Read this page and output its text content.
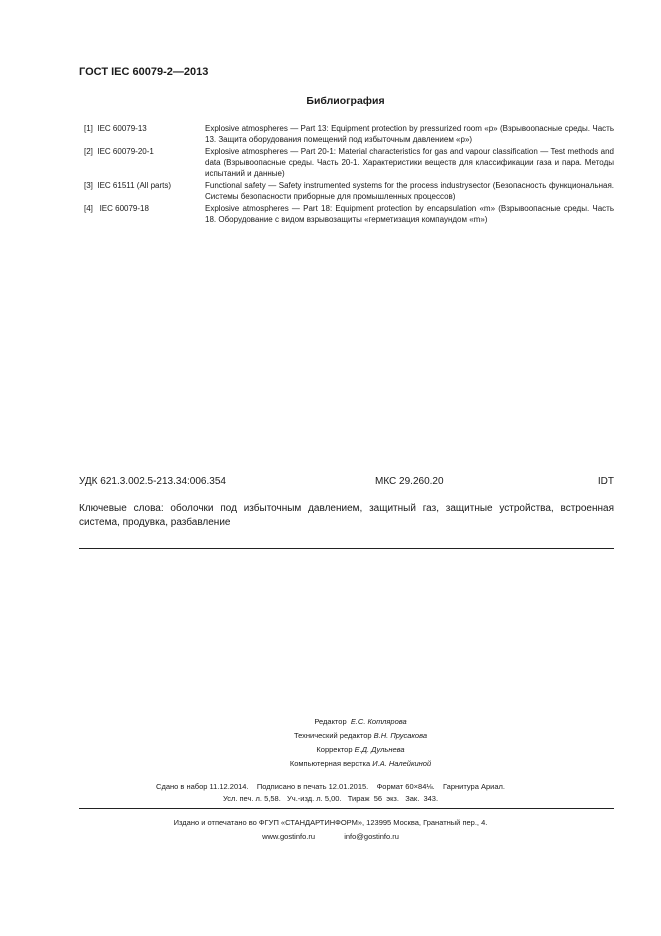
ГОСТ IEC 60079-2—2013
Библиография
[1] IEC 60079-13	Explosive atmospheres — Part 13: Equipment protection by pressurized room «p» (Взрывоопасные среды. Часть 13. Защита оборудования помещений под избыточным давлением «p»)
[2] IEC 60079-20-1	Explosive atmospheres — Part 20-1: Material characteristics for gas and vapour classification — Test methods and data (Взрывоопасные среды. Часть 20-1. Характеристики веществ для классификации газа и пара. Методы испытаний и данные)
[3] IEC 61511 (All parts)	Functional safety — Safety instrumented systems for the process industrysector (Безопасность функциональная. Системы безопасности приборные для промышленных процессов)
[4] IEC 60079-18	Explosive atmospheres — Part 18: Equipment protection by encapsulation «m» (Взрывоопасные среды. Часть 18. Оборудование с видом взрывозащиты «герметизация компаундом «m»)
УДК 621.3.002.5-213.34:006.354	МКС 29.260.20	IDT
Ключевые слова: оболочки под избыточным давлением, защитный газ, защитные устройства, встроенная система, продувка, разбавление
Редактор Е.С. Котлярова
Технический редактор В.Н. Прусакова
Корректор Е.Д. Дульнева
Компьютерная верстка И.А. Налейкиной
Сдано в набор 11.12.2014.    Подписано в печать 12.01.2015.    Формат 60×84⅛.    Гарнитура Ариал.
Усл. печ. л. 5,58.   Уч.-изд. л. 5,00.   Тираж  56  экз.   Зак.  343.
Издано и отпечатано во ФГУП «СТАНДАРТИНФОРМ», 123995 Москва, Гранатный пер., 4.
www.gostinfo.ru	info@gostinfo.ru
